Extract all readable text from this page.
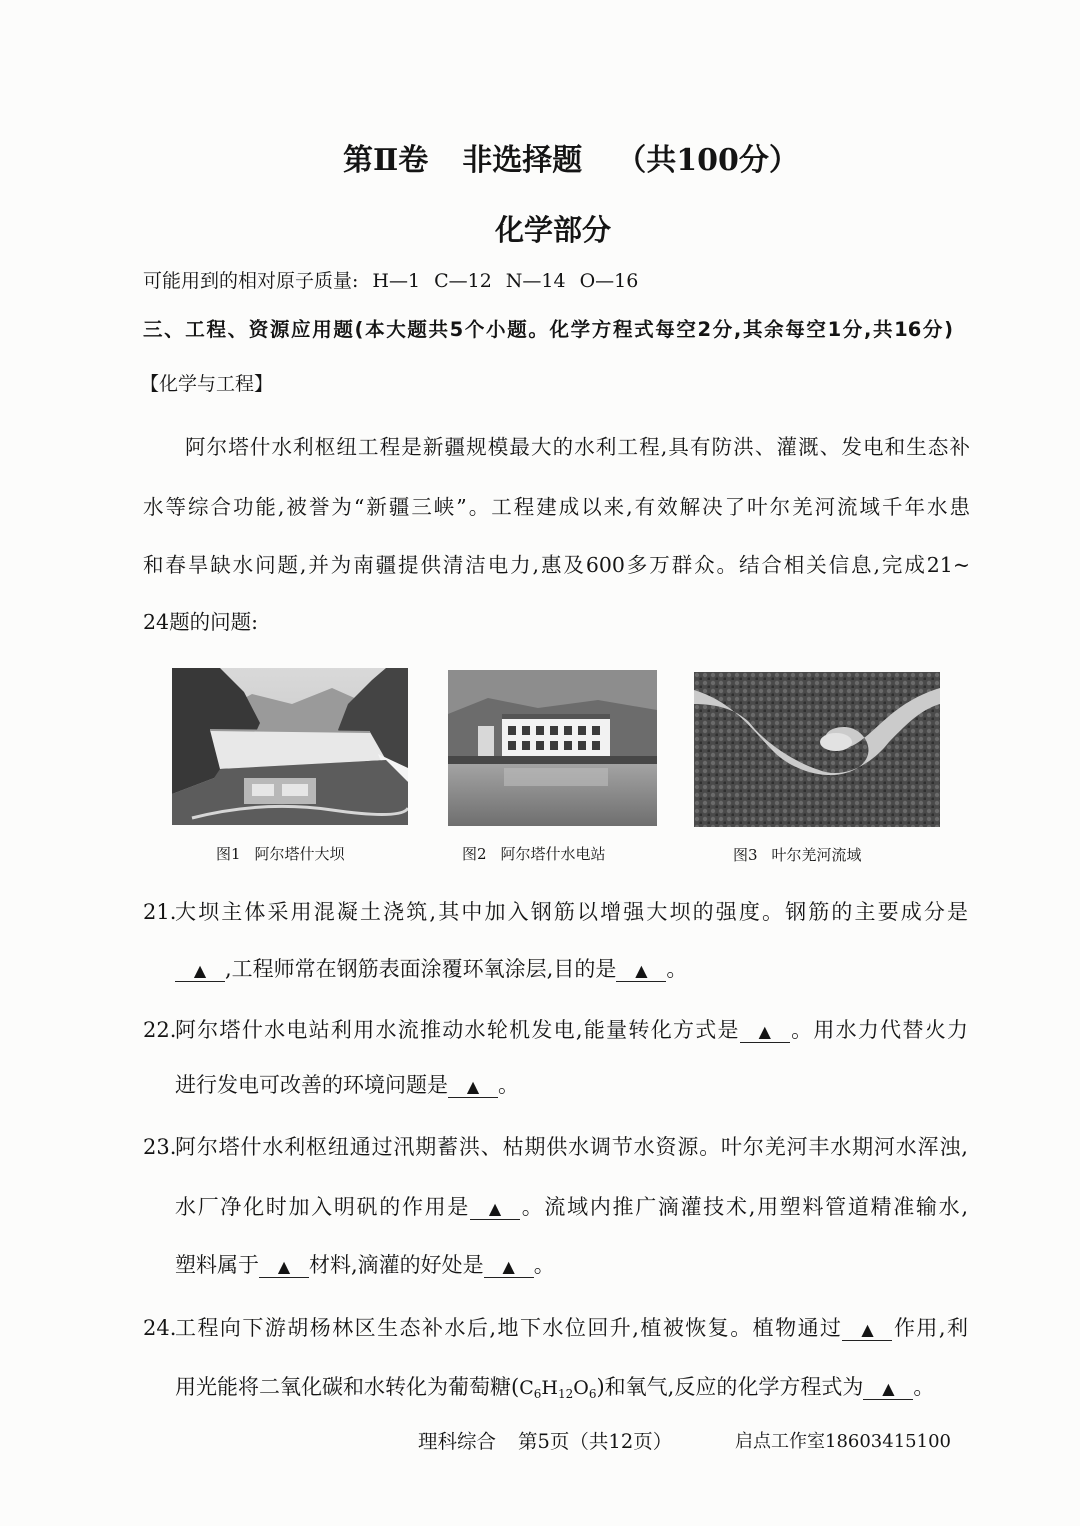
第Ⅱ卷 非选择题 （共100分）
化学部分
可能用到的相对原子质量: H—1 C—12 N—14 O—16
三、工程、资源应用题(本大题共5个小题。化学方程式每空2分,其余每空1分,共16分)
【化学与工程】
阿尔塔什水利枢纽工程是新疆规模最大的水利工程,具有防洪、灌溉、发电和生态补
水等综合功能,被誉为“新疆三峡”。工程建成以来,有效解决了叶尔羌河流域千年水患
和春旱缺水问题,并为南疆提供清洁电力,惠及600多万群众。结合相关信息,完成21~
24题的问题:
图1 阿尔塔什大坝	图2 阿尔塔什水电站	图3 叶尔羌河流域
21.
大坝主体采用混凝土浇筑,其中加入钢筋以增强大坝的强度。钢筋的主要成分是
▲ ,工程师常在钢筋表面涂覆环氧涂层,目的是 ▲ 。
22.
阿尔塔什水电站利用水流推动水轮机发电,能量转化方式是 ▲ 。用水力代替火力
进行发电可改善的环境问题是 ▲ 。
23.
阿尔塔什水利枢纽通过汛期蓄洪、枯期供水调节水资源。叶尔羌河丰水期河水浑浊,
水厂净化时加入明矾的作用是 ▲ 。流域内推广滴灌技术,用塑料管道精准输水,
塑料属于 ▲ 材料,滴灌的好处是 ▲ 。
24.
工程向下游胡杨林区生态补水后,地下水位回升,植被恢复。植物通过 ▲ 作用,利
用光能将二氧化碳和水转化为葡萄糖$(C_6H_{12}O_6)$和氧气,反应的化学方程式为 ▲ 。
理科综合 第5页（共12页）	启点工作室18603415100
